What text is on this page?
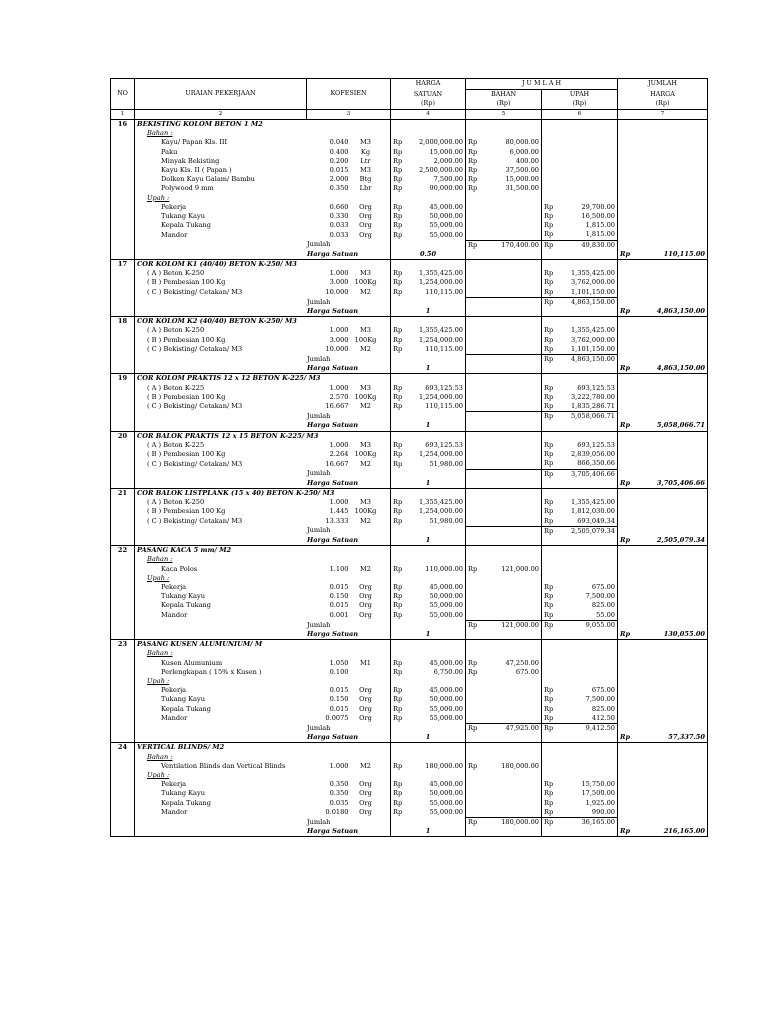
NO	URAIAN PEKERJAAN	KOFESIEN	HARGA	J U M L A H		JUMLAH
			SATUAN	BAHAN	UPAH	HARGA
			(Rp)	(Rp)	(Rp)	(Rp)
1	2	3	4	5	6	7
16	BEKISTING KOLOM BETON 1 M2					
	Bahan :					
	Kayu/ Papan Kls. III	0.040 M3	Rp 2,000,000.00	Rp 80,000.00		

	Paku	0.400 Kg	Rp 15,000.00	Rp 6,000.00		

	Minyak Bekisting	0.200 Ltr	Rp 2,000.00	Rp 400.00		

	Kayu Kls. II ( Papan )	0.015 M3	Rp 2,500,000.00	Rp 37,500.00		

	Dolken Kayu Galam/ Bambu	2.000 Btg	Rp 7,500.00	Rp 15,000.00		

	Polywood 9 mm	0.350 Lbr	Rp 90,000.00	Rp 31,500.00		

	Upah :					
	Pekerja	0.660 Org	Rp 45,000.00		Rp 29,700.00	

	Tukang Kayu	0.330 Org	Rp 50,000.00		Rp 16,500.00	

	Kepala Tukang	0.033 Org	Rp 55,000.00		Rp 1,815.00	

	Mandor	0.033 Org	Rp 55,000.00		Rp 1,815.00	

	Jumlah			Rp 170,400.00	Rp 49,830.00	

	Harga Satuan		0.50			Rp 110,115.00

17	COR KOLOM K1 (40/40) BETON K-250/ M3					
	( A ) Beton K-250	1.000 M3	Rp 1,355,425.00		Rp 1,355,425.00	

	( B ) Pembesian 100 Kg	3.000 100Kg	Rp 1,254,000.00		Rp 3,762,000.00	

	( C ) Bekisting/ Cetakan/ M3	10.000 M2	Rp 110,115.00		Rp 1,101,150.00	

	Jumlah				Rp 4,863,150.00	

	Harga Satuan		1			Rp 4,863,150.00

18	COR KOLOM K2 (40/40) BETON K-250/ M3					
	( A ) Beton K-250	1.000 M3	Rp 1,355,425.00		Rp 1,355,425.00	

	( B ) Pembesian 100 Kg	3.000 100Kg	Rp 1,254,000.00		Rp 3,762,000.00	

	( C ) Bekisting/ Cetakan/ M3	10.000 M2	Rp 110,115.00		Rp 1,101,150.00	

	Jumlah				Rp 4,863,150.00	

	Harga Satuan		1			Rp 4,863,150.00

19	COR KOLOM PRAKTIS 12 x 12 BETON K-225/ M3					
	( A ) Beton K-225	1.000 M3	Rp 693,125.53		Rp 693,125.53	

	( B ) Pembesian 100 Kg	2.570 100Kg	Rp 1,254,000.00		Rp 3,222,780.00	

	( C ) Bekisting/ Cetakan/ M3	16.667 M2	Rp 110,115.00		Rp 1,835,286.71	

	Jumlah				Rp 5,058,066.71	

	Harga Satuan		1			Rp 5,058,066.71

20	COR BALOK PRAKTIS 12 x 15 BETON K-225/ M3					
	( A ) Beton K-225	1.000 M3	Rp 693,125.53		Rp 693,125.53	

	( B ) Pembesian 100 Kg	2.264 100Kg	Rp 1,254,000.00		Rp 2,839,056.00	

	( C ) Bekisting/ Cetakan/ M3	16.667 M2	Rp 51,980.00		Rp 866,350.66	

	Jumlah				Rp 3,705,406.66	

	Harga Satuan		1			Rp 3,705,406.66

21	COR BALOK LISTPLANK (15 x 40) BETON K-250/ M3					
	( A ) Beton K-250	1.000 M3	Rp 1,355,425.00		Rp 1,355,425.00	

	( B ) Pembesian 100 Kg	1.445 100Kg	Rp 1,254,000.00		Rp 1,812,030.00	

	( C ) Bekisting/ Cetakan/ M3	13.333 M2	Rp 51,980.00		Rp 693,049.34	

	Jumlah				Rp 2,505,079.34	

	Harga Satuan		1			Rp 2,505,079.34

22	PASANG KACA 5 mm/ M2					
	Bahan :					
	Kaca Polos	1.100 M2	Rp 110,000.00	Rp 121,000.00		

	Upah :					
	Pekerja	0.015 Org	Rp 45,000.00		Rp 675.00	

	Tukang Kayu	0.150 Org	Rp 50,000.00		Rp 7,500.00	

	Kepala Tukang	0.015 Org	Rp 55,000.00		Rp 825.00	

	Mandor	0.001 Org	Rp 55,000.00		Rp 55.00	

	Jumlah			Rp 121,000.00	Rp 9,055.00	

	Harga Satuan		1			Rp 130,055.00

23	PASANG KUSEN ALUMUNIUM/ M					
	Bahan :					
	Kusen Alumunium	1.050 M1	Rp 45,000.00	Rp 47,250.00		

	Perlengkapan ( 15% x Kusen )	0.100	Rp 6,750.00	Rp 675.00		

	Upah :					
	Pekerja	0.015 Org	Rp 45,000.00		Rp 675.00	

	Tukang Kayu	0.150 Org	Rp 50,000.00		Rp 7,500.00	

	Kepala Tukang	0.015 Org	Rp 55,000.00		Rp 825.00	

	Mandor	0.0075 Org	Rp 55,000.00		Rp 412.50	

	Jumlah			Rp 47,925.00	Rp 9,412.50	

	Harga Satuan		1			Rp 57,337.50

24	VERTICAL BLINDS/ M2					
	Bahan :					
	Ventilation Blinds dan Vertical Blinds	1.000 M2	Rp 180,000.00	Rp 180,000.00		

	Upah :					
	Pekerja	0.350 Org	Rp 45,000.00		Rp 15,750.00	

	Tukang Kayu	0.350 Org	Rp 50,000.00		Rp 17,500.00	

	Kepala Tukang	0.035 Org	Rp 55,000.00		Rp 1,925.00	

	Mandor	0.0180 Org	Rp 55,000.00		Rp 990.00	

	Jumlah			Rp 180,000.00	Rp 36,165.00	

	Harga Satuan		1			Rp 216,165.00
